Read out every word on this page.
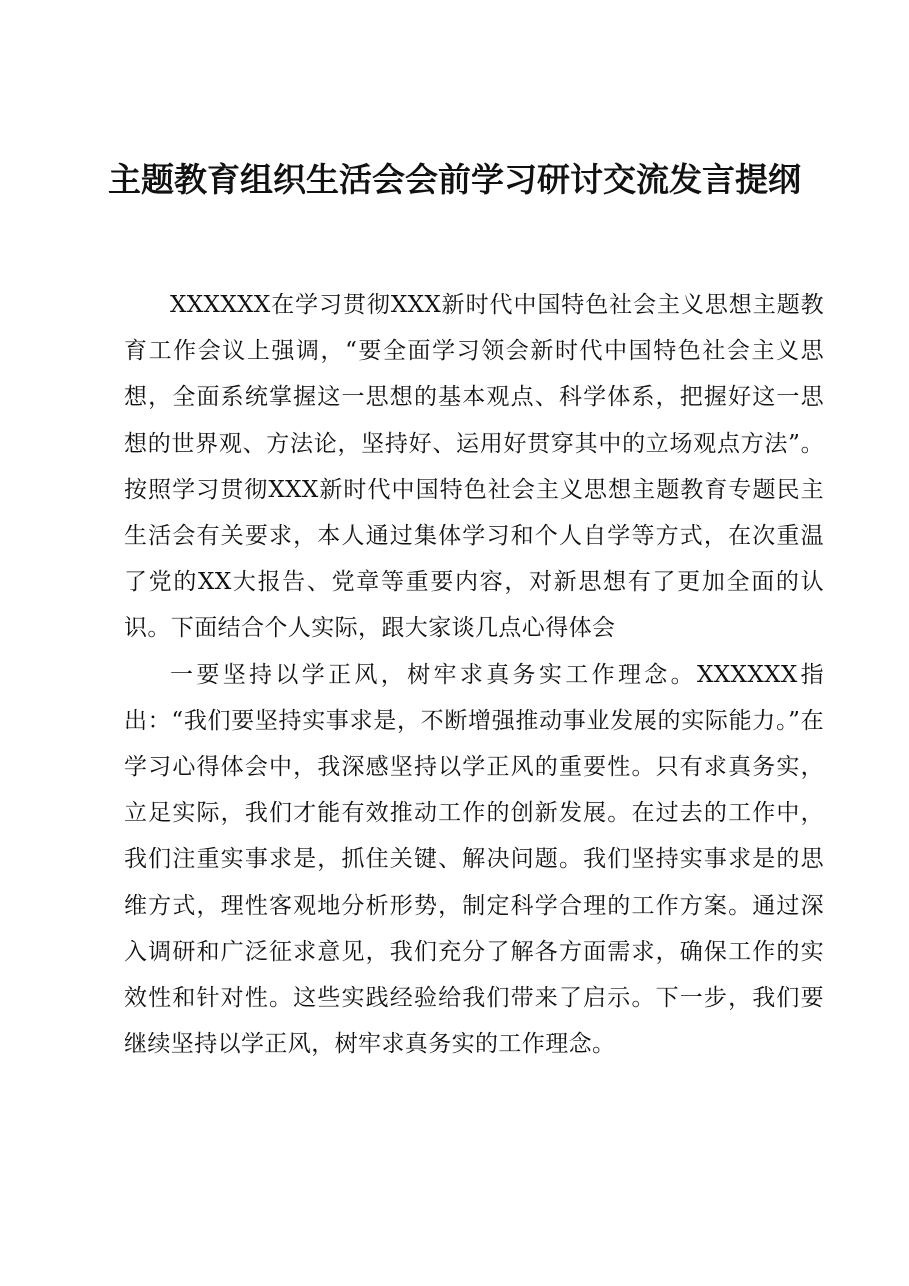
主题教育组织生活会会前学习研讨交流发言提纲

XXXXXX在学习贯彻XXX新时代中国特色社会主义思想主题教育工作会议上强调，“要全面学习领会新时代中国特色社会主义思想，全面系统掌握这一思想的基本观点、科学体系，把握好这一思想的世界观、方法论，坚持好、运用好贯穿其中的立场观点方法”。按照学习贯彻XXX新时代中国特色社会主义思想主题教育专题民主生活会有关要求，本人通过集体学习和个人自学等方式，在次重温了党的XX大报告、党章等重要内容，对新思想有了更加全面的认识。下面结合个人实际，跟大家谈几点心得体会

一要坚持以学正风，树牢求真务实工作理念。XXXXXX指出：“我们要坚持实事求是，不断增强推动事业发展的实际能力。”在学习心得体会中，我深感坚持以学正风的重要性。只有求真务实，立足实际，我们才能有效推动工作的创新发展。在过去的工作中，我们注重实事求是，抓住关键、解决问题。我们坚持实事求是的思维方式，理性客观地分析形势，制定科学合理的工作方案。通过深入调研和广泛征求意见，我们充分了解各方面需求，确保工作的实效性和针对性。这些实践经验给我们带来了启示。下一步，我们要继续坚持以学正风，树牢求真务实的工作理念。
